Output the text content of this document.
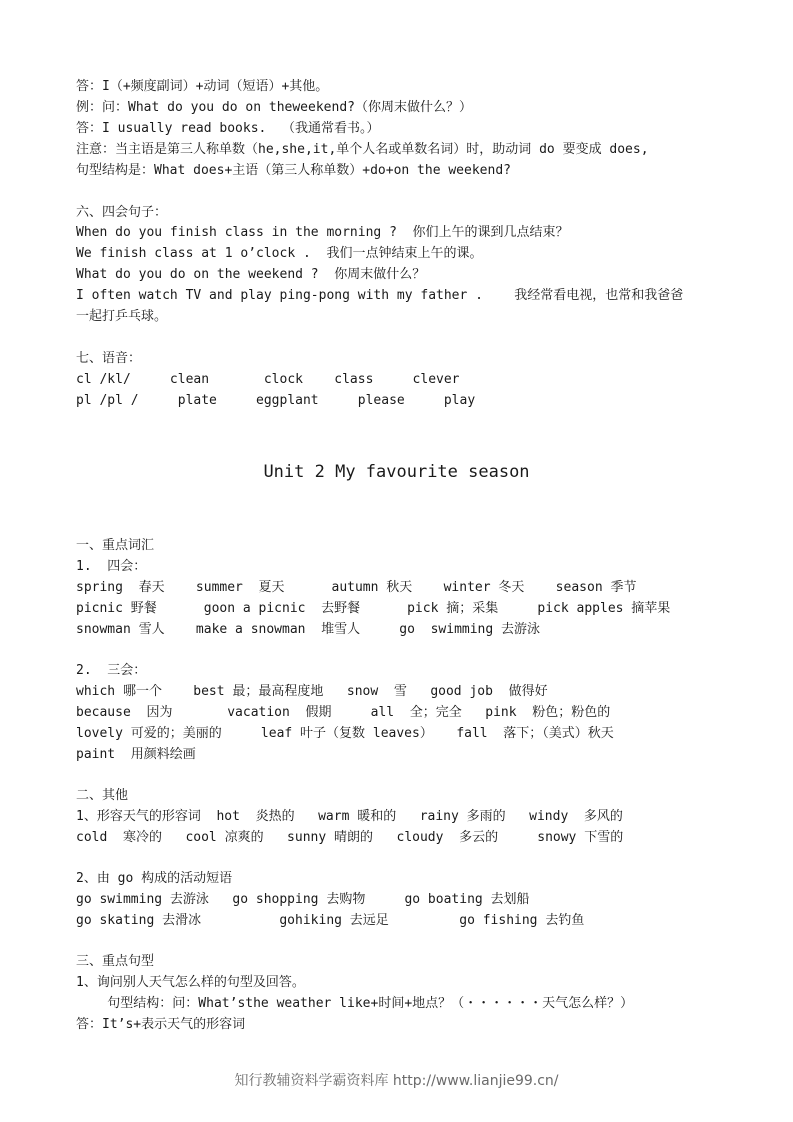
答：I（+频度副词）+动词（短语）+其他。
例：问：What do you do on theweekend?（你周末做什么？）
答：I usually read books.  （我通常看书。）
注意：当主语是第三人称单数（he,she,it,单个人名或单数名词）时，助动词 do 要变成 does,
句型结构是：What does+主语（第三人称单数）+do+on the weekend?
六、四会句子：
When do you finish class in the morning ?  你们上午的课到几点结束？
We finish class at 1 o’clock .  我们一点钟结束上午的课。
What do you do on the weekend ?  你周末做什么？
I often watch TV and play ping-pong with my father .    我经常看电视，也常和我爸爸
一起打乒乓球。
七、语音：
cl /kl/     clean       clock    class     clever
pl /pl /     plate     eggplant     please     play
Unit 2 My favourite season
一、重点词汇
1.  四会：
spring  春天    summer  夏天      autumn 秋天    winter 冬天    season 季节
picnic 野餐      goon a picnic  去野餐      pick 摘；采集     pick apples 摘苹果
snowman 雪人    make a snowman  堆雪人     go  swimming 去游泳
2.  三会：
which 哪一个    best 最；最高程度地   snow  雪   good job  做得好
because  因为       vacation  假期     all  全；完全   pink  粉色；粉色的
lovely 可爱的；美丽的     leaf 叶子（复数 leaves）   fall  落下；（美式）秋天
paint  用颜料绘画
二、其他
1、形容天气的形容词  hot  炎热的   warm 暖和的   rainy 多雨的   windy  多风的
cold  寒冷的   cool 凉爽的   sunny 晴朗的   cloudy  多云的     snowy 下雪的
2、由 go 构成的活动短语
go swimming 去游泳   go shopping 去购物     go boating 去划船
go skating 去滑冰          gohiking 去远足         go fishing 去钓鱼
三、重点句型
1、询问别人天气怎么样的句型及回答。
句型结构：问：What’sthe weather like+时间+地点？（・・・・・・天气怎么样？）
答：It’s+表示天气的形容词
知行教辅资料学霸资料库 http://www.lianjie99.cn/
